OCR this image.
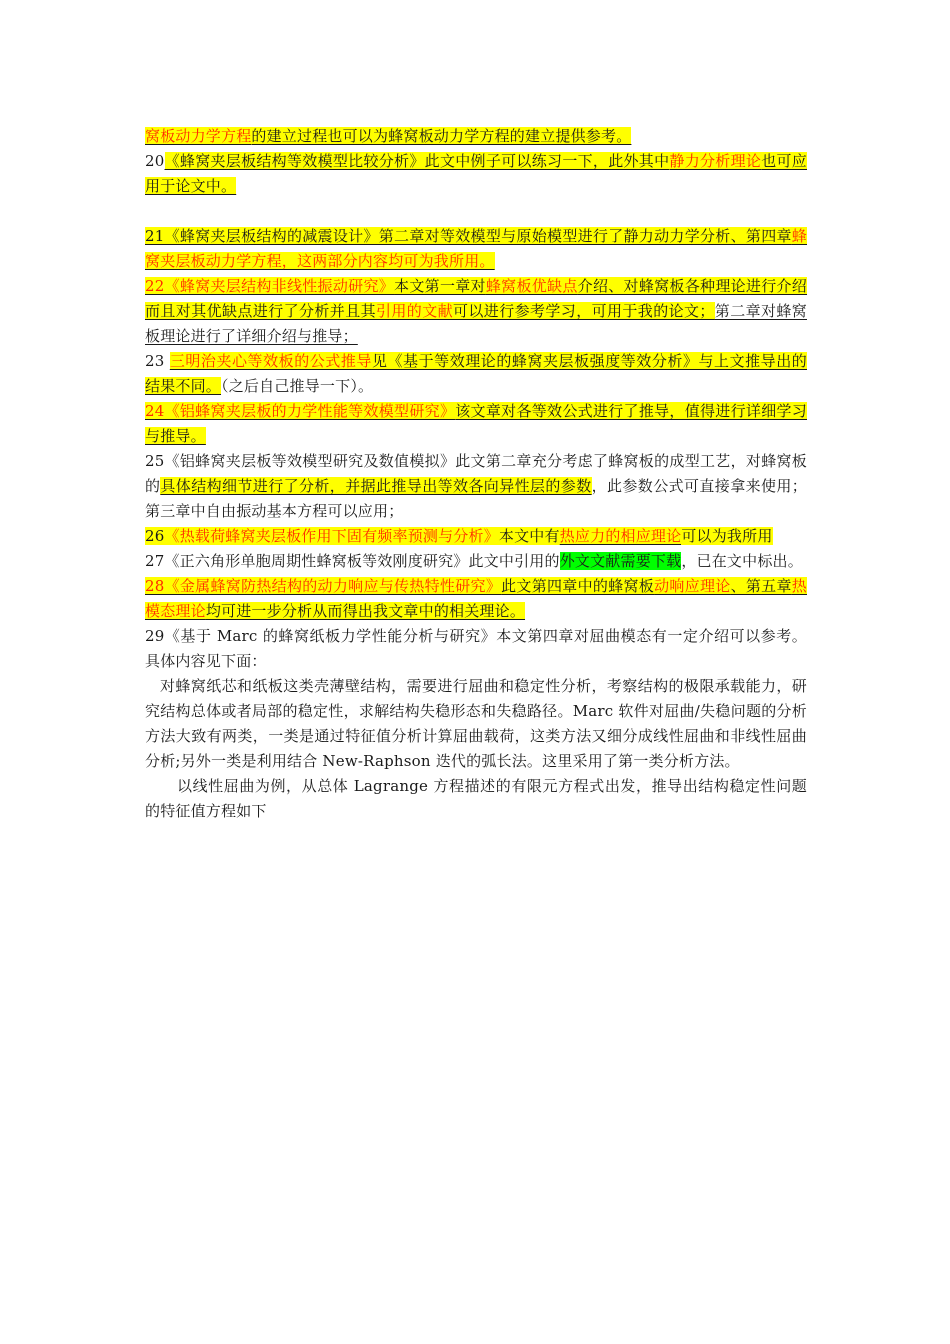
窝板动力学方程的建立过程也可以为蜂窝板动力学方程的建立提供参考。

20《蜂窝夹层板结构等效模型比较分析》此文中例子可以练习一下，此外其中静力分析理论也可应用于论文中。

21《蜂窝夹层板结构的减震设计》第二章对等效模型与原始模型进行了静力动力学分析、第四章蜂窝夹层板动力学方程，这两部分内容均可为我所用。

22《蜂窝夹层结构非线性振动研究》本文第一章对蜂窝板优缺点介绍、对蜂窝板各种理论进行介绍而且对其优缺点进行了分析并且其引用的文献可以进行参考学习，可用于我的论文；第二章对蜂窝板理论进行了详细介绍与推导；

23 三明治夹心等效板的公式推导见《基于等效理论的蜂窝夹层板强度等效分析》与上文推导出的结果不同。（之后自己推导一下）。

24《铝蜂窝夹层板的力学性能等效模型研究》该文章对各等效公式进行了推导，值得进行详细学习与推导。

25《铝蜂窝夹层板等效模型研究及数值模拟》此文第二章充分考虑了蜂窝板的成型工艺，对蜂窝板的具体结构细节进行了分析，并据此推导出等效各向异性层的参数，此参数公式可直接拿来使用；第三章中自由振动基本方程可以应用；

26《热载荷蜂窝夹层板作用下固有频率预测与分析》本文中有热应力的相应理论可以为我所用

27《正六角形单胞周期性蜂窝板等效刚度研究》此文中引用的外文文献需要下载，已在文中标出。

28《金属蜂窝防热结构的动力响应与传热特性研究》此文第四章中的蜂窝板动响应理论、第五章热模态理论均可进一步分析从而得出我文章中的相关理论。

29《基于 Marc 的蜂窝纸板力学性能分析与研究》本文第四章对屈曲模态有一定介绍可以参考。具体内容见下面：

对蜂窝纸芯和纸板这类壳薄壁结构，需要进行屈曲和稳定性分析，考察结构的极限承载能力，研究结构总体或者局部的稳定性，求解结构失稳形态和失稳路径。Marc 软件对屈曲/失稳问题的分析方法大致有两类，一类是通过特征值分析计算屈曲载荷，这类方法又细分成线性屈曲和非线性屈曲分析;另外一类是利用结合 New-Raphson 迭代的弧长法。这里采用了第一类分析方法。

以线性屈曲为例，从总体 Lagrange 方程描述的有限元方程式出发，推导出结构稳定性问题的特征值方程如下
